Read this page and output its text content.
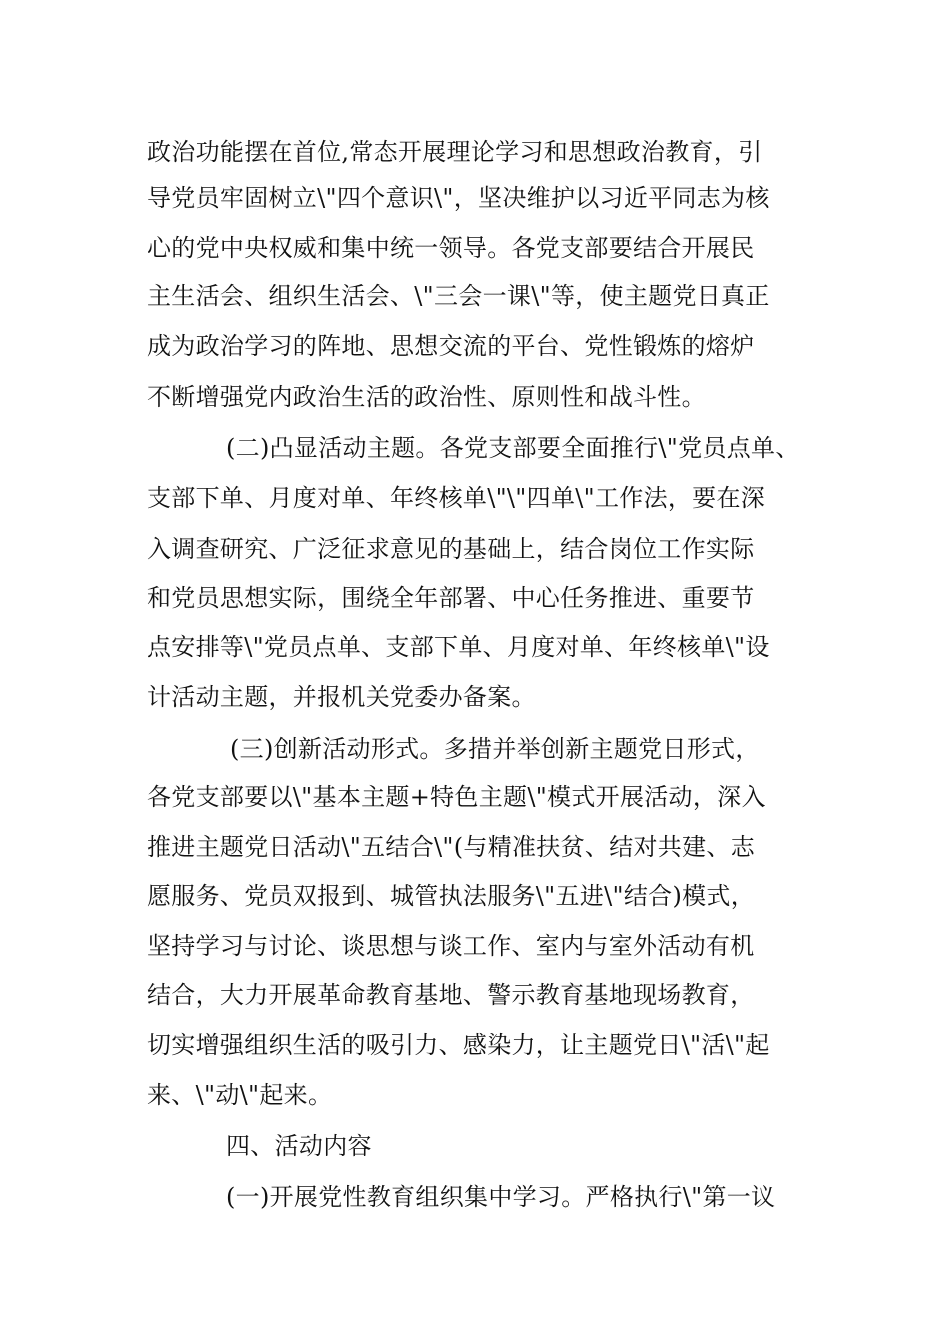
政治功能摆在首位,常态开展理论学习和思想政治教育，引
导党员牢固树立\"四个意识\"，坚决维护以习近平同志为核
心的党中央权威和集中统一领导。各党支部要结合开展民
主生活会、组织生活会、\"三会一课\"等，使主题党日真正
成为政治学习的阵地、思想交流的平台、党性锻炼的熔炉
不断增强党内政治生活的政治性、原则性和战斗性。
(二)凸显活动主题。各党支部要全面推行\"党员点单、
支部下单、月度对单、年终核单\"\"四单\"工作法，要在深
入调查研究、广泛征求意见的基础上，结合岗位工作实际
和党员思想实际，围绕全年部署、中心任务推进、重要节
点安排等\"党员点单、支部下单、月度对单、年终核单\"设
计活动主题，并报机关党委办备案。
(三)创新活动形式。多措并举创新主题党日形式，
各党支部要以\"基本主题+特色主题\"模式开展活动，深入
推进主题党日活动\"五结合\"(与精准扶贫、结对共建、志
愿服务、党员双报到、城管执法服务\"五进\"结合)模式，
坚持学习与讨论、谈思想与谈工作、室内与室外活动有机
结合，大力开展革命教育基地、警示教育基地现场教育，
切实增强组织生活的吸引力、感染力，让主题党日\"活\"起
来、\"动\"起来。
四、活动内容
(一)开展党性教育组织集中学习。严格执行\"第一议
